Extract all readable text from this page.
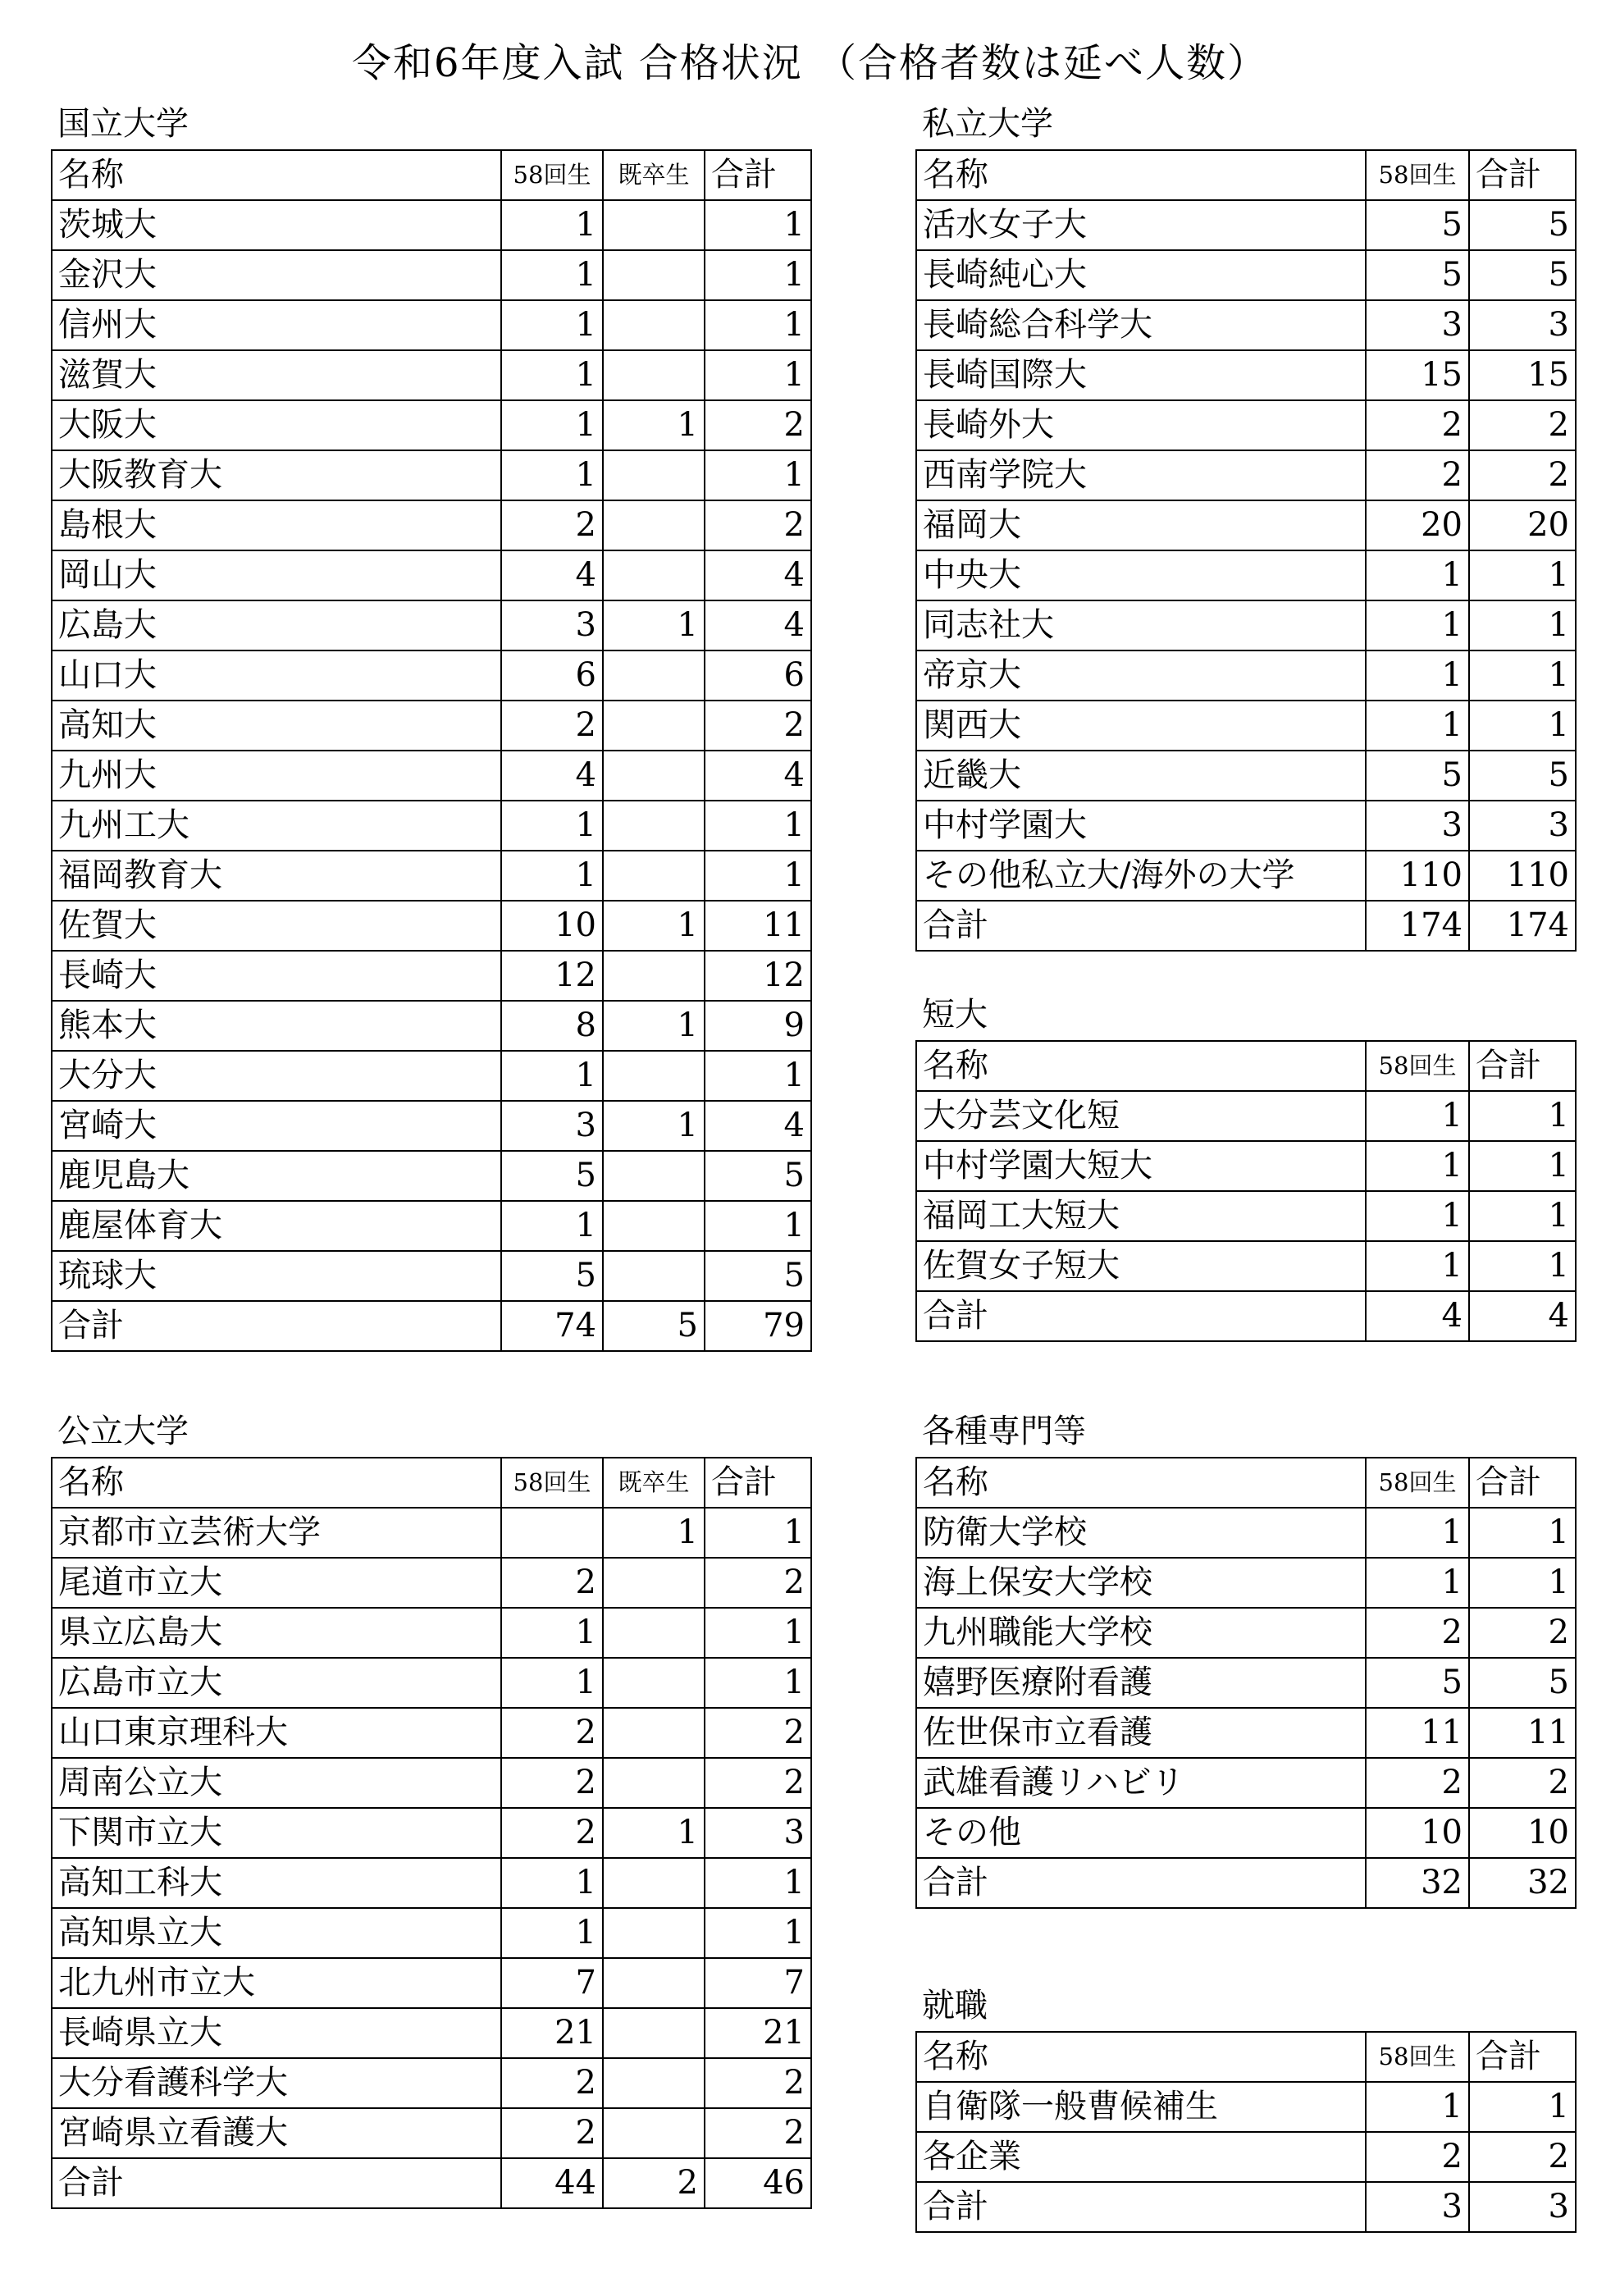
令和6年度入試 合格状況 （合格者数は延べ人数）
国立大学
名称	58回生	既卒生	合計
茨城大	1		1
金沢大	1		1
信州大	1		1
滋賀大	1		1
大阪大	1	1	2
大阪教育大	1		1
島根大	2		2
岡山大	4		4
広島大	3	1	4
山口大	6		6
高知大	2		2
九州大	4		4
九州工大	1		1
福岡教育大	1		1
佐賀大	10	1	11
長崎大	12		12
熊本大	8	1	9
大分大	1		1
宮崎大	3	1	4
鹿児島大	5		5
鹿屋体育大	1		1
琉球大	5		5
合計	74	5	79
公立大学
名称	58回生	既卒生	合計
京都市立芸術大学		1	1
尾道市立大	2		2
県立広島大	1		1
広島市立大	1		1
山口東京理科大	2		2
周南公立大	2		2
下関市立大	2	1	3
高知工科大	1		1
高知県立大	1		1
北九州市立大	7		7
長崎県立大	21		21
大分看護科学大	2		2
宮崎県立看護大	2		2
合計	44	2	46
私立大学
名称	58回生	合計
活水女子大	5	5
長崎純心大	5	5
長崎総合科学大	3	3
長崎国際大	15	15
長崎外大	2	2
西南学院大	2	2
福岡大	20	20
中央大	1	1
同志社大	1	1
帝京大	1	1
関西大	1	1
近畿大	5	5
中村学園大	3	3
その他私立大/海外の大学	110	110
合計	174	174
短大
名称	58回生	合計
大分芸文化短	1	1
中村学園大短大	1	1
福岡工大短大	1	1
佐賀女子短大	1	1
合計	4	4
各種専門等
名称	58回生	合計
防衛大学校	1	1
海上保安大学校	1	1
九州職能大学校	2	2
嬉野医療附看護	5	5
佐世保市立看護	11	11
武雄看護リハビリ	2	2
その他	10	10
合計	32	32
就職
名称	58回生	合計
自衛隊一般曹候補生	1	1
各企業	2	2
合計	3	3
